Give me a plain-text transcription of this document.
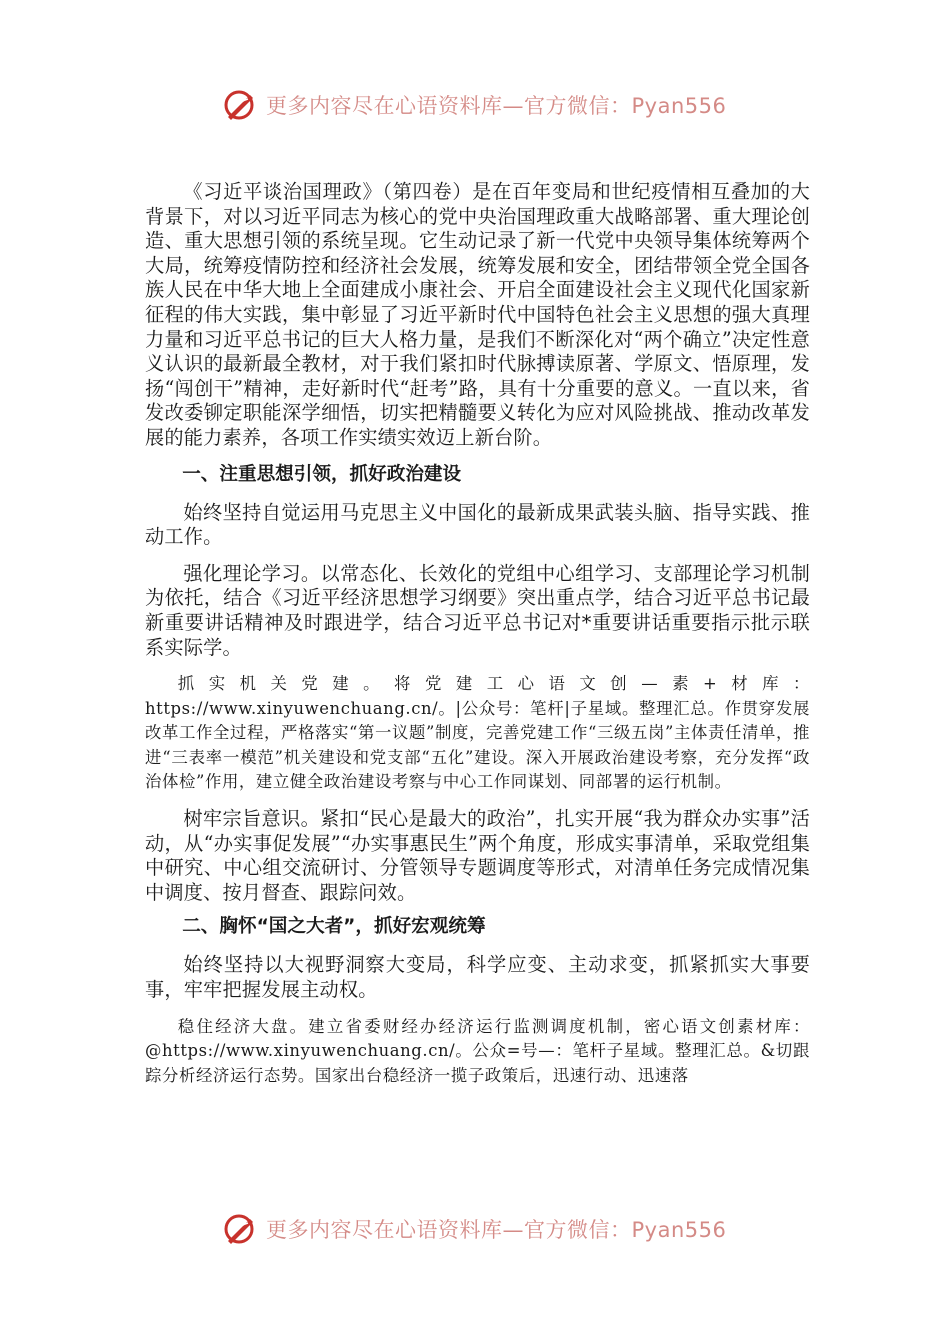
更多内容尽在心语资料库—官方微信：Pyan556

《习近平谈治国理政》（第四卷）是在百年变局和世纪疫情相互叠加的大背景下，对以习近平同志为核心的党中央治国理政重大战略部署、重大理论创造、重大思想引领的系统呈现。它生动记录了新一代党中央领导集体统筹两个大局，统筹疫情防控和经济社会发展，统筹发展和安全，团结带领全党全国各族人民在中华大地上全面建成小康社会、开启全面建设社会主义现代化国家新征程的伟大实践，集中彰显了习近平新时代中国特色社会主义思想的强大真理力量和习近平总书记的巨大人格力量，是我们不断深化对“两个确立”决定性意义认识的最新最全教材，对于我们紧扣时代脉搏读原著、学原文、悟原理，发扬“闯创干”精神，走好新时代“赶考”路，具有十分重要的意义。一直以来，省发改委铆定职能深学细悟，切实把精髓要义转化为应对风险挑战、推动改革发展的能力素养，各项工作实绩实效迈上新台阶。

一、注重思想引领，抓好政治建设

始终坚持自觉运用马克思主义中国化的最新成果武装头脑、指导实践、推动工作。

强化理论学习。以常态化、长效化的党组中心组学习、支部理论学习机制为依托，结合《习近平经济思想学习纲要》突出重点学，结合习近平总书记最新重要讲话精神及时跟进学，结合习近平总书记对*重要讲话重要指示批示联系实际学。

抓实机关党建。将党建工心语文创—素+材库：https://www.xinyuwenchuang.cn/。|公众号：笔杆|子星域。整理汇总。作贯穿发展改革工作全过程，严格落实“第一议题”制度，完善党建工作“三级五岗”主体责任清单，推进“三表率一模范”机关建设和党支部“五化”建设。深入开展政治建设考察，充分发挥“政治体检”作用，建立健全政治建设考察与中心工作同谋划、同部署的运行机制。

树牢宗旨意识。紧扣“民心是最大的政治”，扎实开展“我为群众办实事”活动，从“办实事促发展”“办实事惠民生”两个角度，形成实事清单，采取党组集中研究、中心组交流研讨、分管领导专题调度等形式，对清单任务完成情况集中调度、按月督查、跟踪问效。

二、胸怀“国之大者”，抓好宏观统筹

始终坚持以大视野洞察大变局，科学应变、主动求变，抓紧抓实大事要事，牢牢把握发展主动权。

稳住经济大盘。建立省委财经办经济运行监测调度机制，密心语文创素材库：@https://www.xinyuwenchuang.cn/。公众=号—：笔杆子星域。整理汇总。&切跟踪分析经济运行态势。国家出台稳经济一揽子政策后，迅速行动、迅速落

更多内容尽在心语资料库—官方微信：Pyan556
